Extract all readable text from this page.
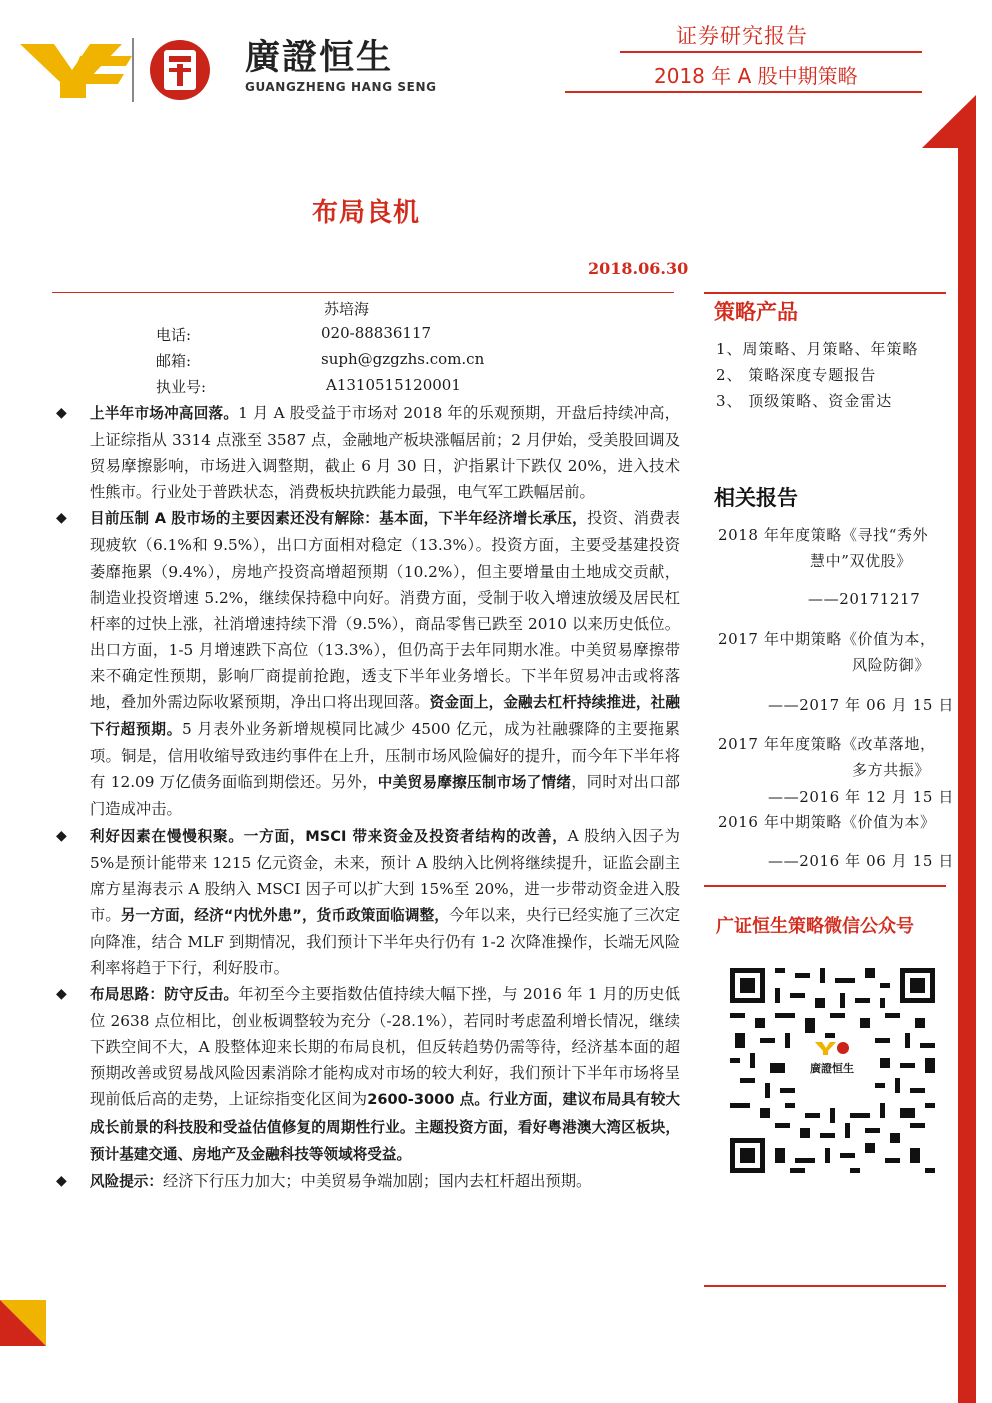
廣證恒生
GUANGZHENG HANG SENG
证券研究报告
2018 年 A 股中期策略
布局良机
2018.06.30
苏培海
电话:	020-88836117
邮箱:	suph@gzgzhs.com.cn
执业号:	A1310515120001
◆ 上半年市场冲高回落。1 月 A 股受益于市场对 2018 年的乐观预期，开盘后持续冲高，上证综指从 3314 点涨至 3587 点，金融地产板块涨幅居前；2 月伊始，受美股回调及贸易摩擦影响，市场进入调整期，截止 6 月 30 日，沪指累计下跌仅 20%，进入技术性熊市。行业处于普跌状态，消费板块抗跌能力最强，电气军工跌幅居前。
◆ 目前压制 A 股市场的主要因素还没有解除：基本面，下半年经济增长承压，投资、消费表现疲软（6.1%和 9.5%），出口方面相对稳定（13.3%）。投资方面，主要受基建投资萎靡拖累（9.4%），房地产投资高增超预期（10.2%），但主要增量由土地成交贡献，制造业投资增速 5.2%，继续保持稳中向好。消费方面，受制于收入增速放缓及居民杠杆率的过快上涨，社消增速持续下滑（9.5%），商品零售已跌至 2010 以来历史低位。出口方面，1-5 月增速跌下高位（13.3%），但仍高于去年同期水准。中美贸易摩擦带来不确定性预期，影响厂商提前抢跑，透支下半年业务增长。下半年贸易冲击或将落地，叠加外需边际收紧预期，净出口将出现回落。资金面上，金融去杠杆持续推进，社融下行超预期。5 月表外业务新增规模同比减少 4500 亿元，成为社融骤降的主要拖累项。铜是，信用收缩导致违约事件在上升，压制市场风险偏好的提升，而今年下半年将有 12.09 万亿债务面临到期偿还。另外，中美贸易摩擦压制市场了情绪，同时对出口部门造成冲击。
◆ 利好因素在慢慢积聚。一方面，MSCI 带来资金及投资者结构的改善，A 股纳入因子为 5%是预计能带来 1215 亿元资金，未来，预计 A 股纳入比例将继续提升，证监会副主席方星海表示 A 股纳入 MSCI 因子可以扩大到 15%至 20%，进一步带动资金进入股市。另一方面，经济“内忧外患”，货币政策面临调整，今年以来，央行已经实施了三次定向降准，结合 MLF 到期情况，我们预计下半年央行仍有 1-2 次降准操作，长端无风险利率将趋于下行，利好股市。
◆ 布局思路：防守反击。年初至今主要指数估值持续大幅下挫，与 2016 年 1 月的历史低位 2638 点位相比，创业板调整较为充分（-28.1%），若同时考虑盈利增长情况，继续下跌空间不大，A 股整体迎来长期的布局良机，但反转趋势仍需等待，经济基本面的超预期改善或贸易战风险因素消除才能构成对市场的较大利好，我们预计下半年市场将呈现前低后高的走势，上证综指变化区间为2600-3000 点。行业方面，建议布局具有较大成长前景的科技股和受益估值修复的周期性行业。主题投资方面，看好粤港澳大湾区板块，预计基建交通、房地产及金融科技等领域将受益。
◆ 风险提示：经济下行压力加大；中美贸易争端加剧；国内去杠杆超出预期。
策略产品
1、周策略、月策略、年策略
2、 策略深度专题报告
3、 顶级策略、资金雷达
相关报告
2018 年年度策略《寻找“秀外
慧中”双优股》
——20171217
2017 年中期策略《价值为本，
风险防御》
——2017 年 06 月 15 日
2017 年年度策略《改革落地，
多方共振》
——2016 年 12 月 15 日
2016 年中期策略《价值为本》
——2016 年 06 月 15 日
广证恒生策略微信公众号
廣證恒生
